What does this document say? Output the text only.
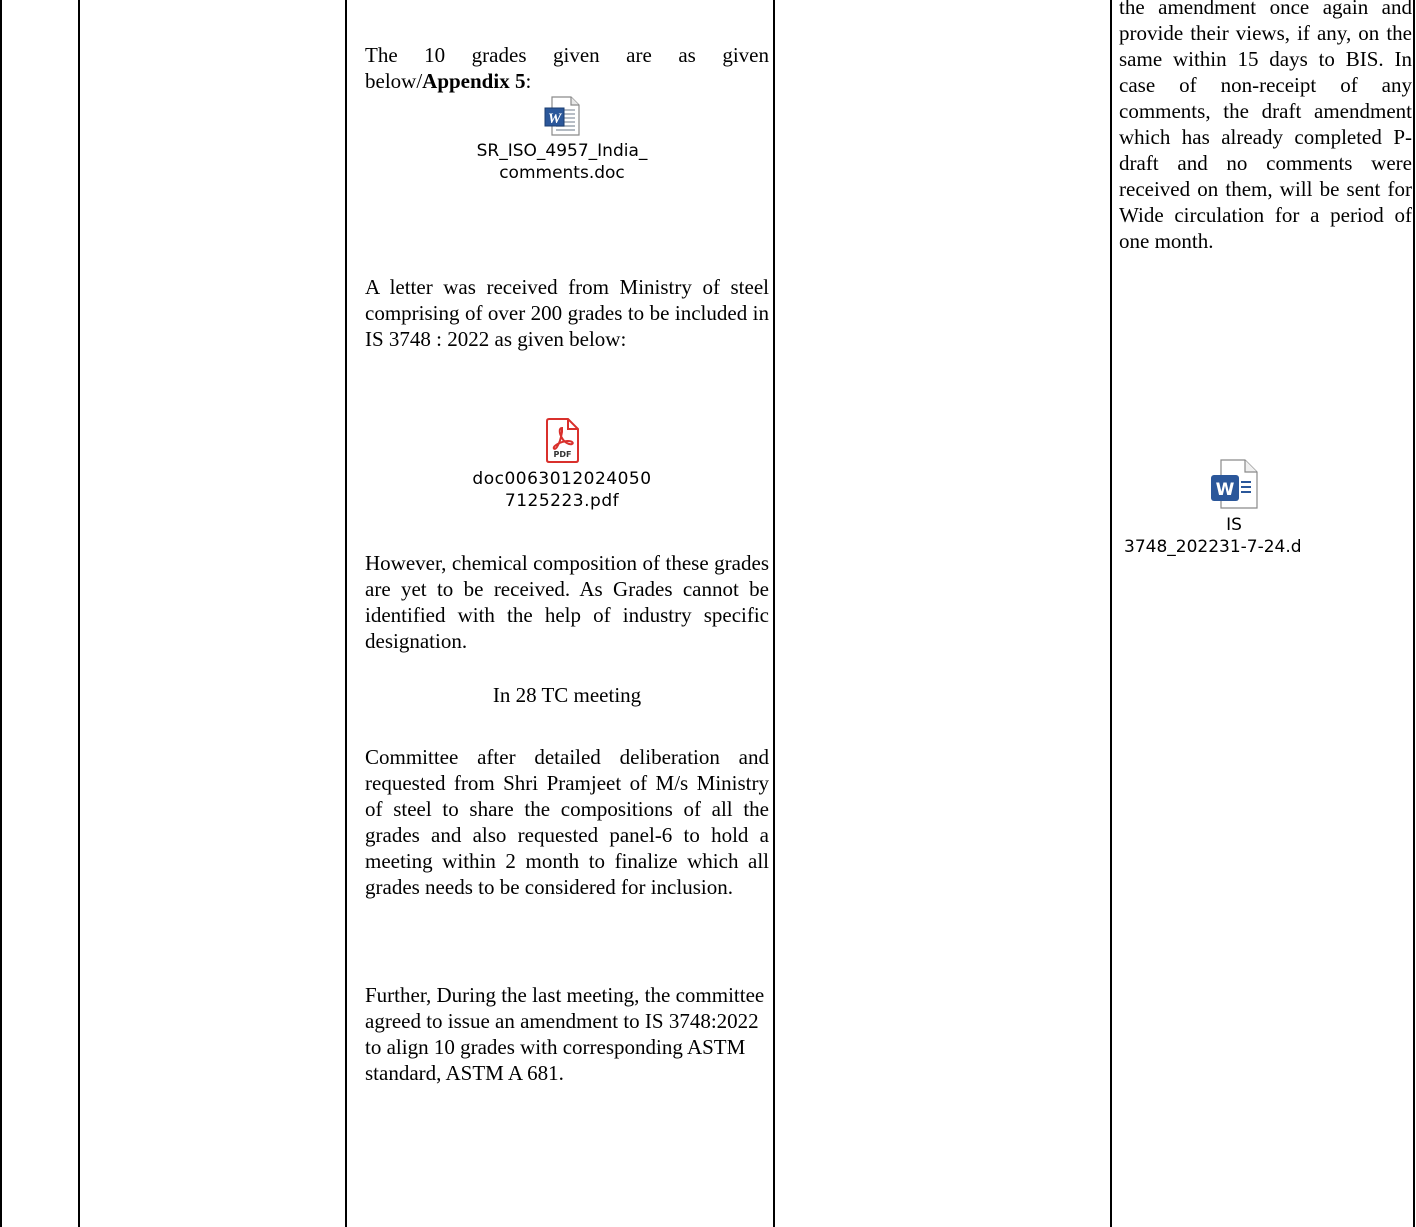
The 10 grades given are as given below/Appendix 5:

W
SR_ISO_4957_India_
comments.doc

A letter was received from Ministry of steel comprising of over 200 grades to be included in IS 3748 : 2022 as given below:

PDF
doc0063012024050
7125223.pdf

However, chemical composition of these grades are yet to be received. As Grades cannot be identified with the help of industry specific designation.

In 28 TC meeting

Committee after detailed deliberation and requested from Shri Pramjeet of M/s Ministry of steel to share the compositions of all the grades and also requested panel-6 to hold a meeting within 2 month to finalize which all grades needs to be considered for inclusion.

Further, During the last meeting, the committee agreed to issue an amendment to IS 3748:2022 to align 10 grades with corresponding ASTM standard, ASTM A 681.

the amendment once again and provide their views, if any, on the same within 15 days to BIS. In case of non-receipt of any comments, the draft amendment which has already completed P-draft and no comments were received on them, will be sent for Wide circulation for a period of one month.

W
IS
3748_202231-7-24.d
